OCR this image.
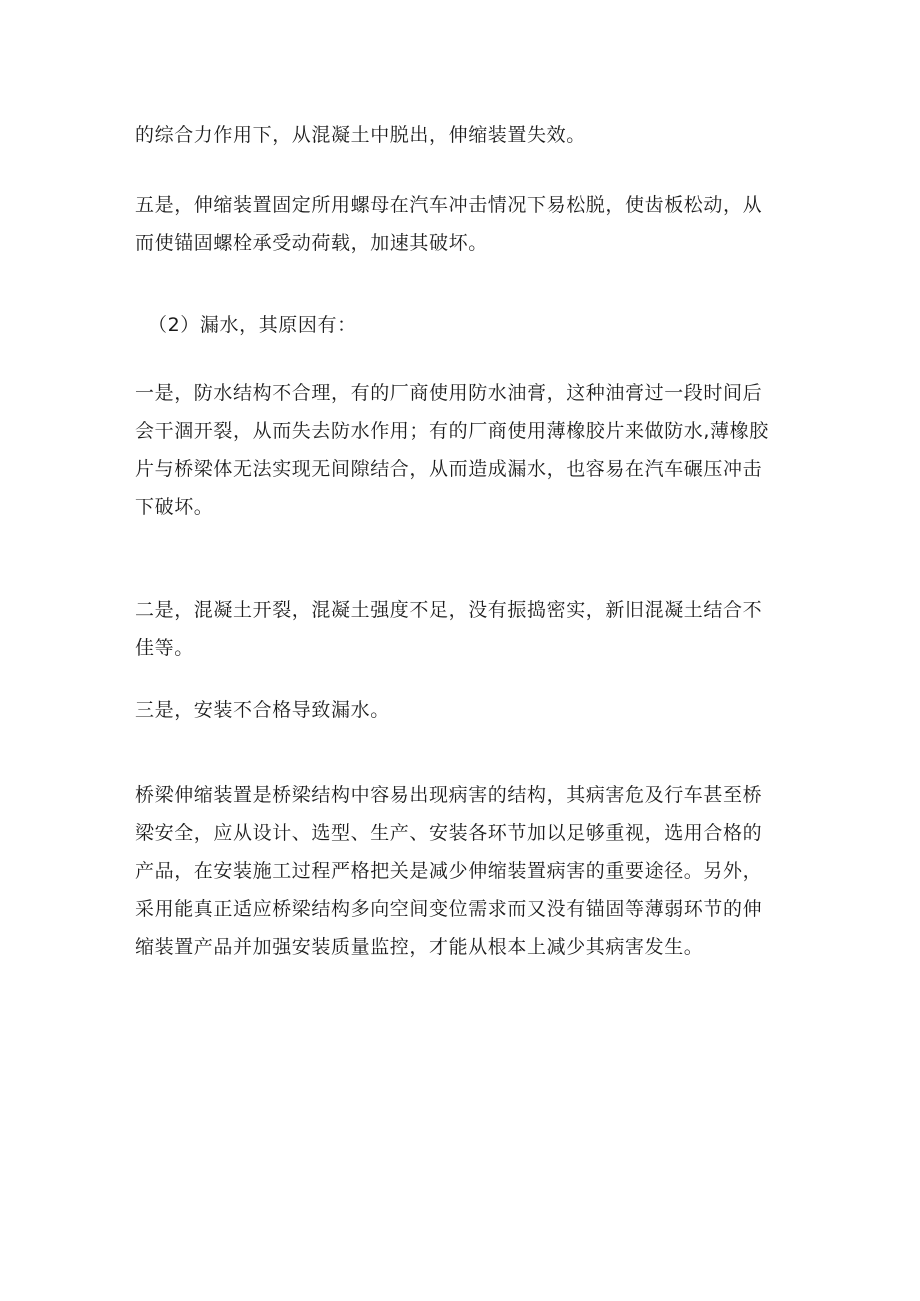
的综合力作用下，从混凝土中脱出，伸缩装置失效。

五是，伸缩装置固定所用螺母在汽车冲击情况下易松脱，使齿板松动，从
而使锚固螺栓承受动荷载，加速其破坏。

（2）漏水，其原因有：

一是，防水结构不合理，有的厂商使用防水油膏，这种油膏过一段时间后
会干涸开裂，从而失去防水作用；有的厂商使用薄橡胶片来做防水,薄橡胶
片与桥梁体无法实现无间隙结合，从而造成漏水，也容易在汽车碾压冲击
下破坏。

二是，混凝土开裂，混凝土强度不足，没有振捣密实，新旧混凝土结合不
佳等。

三是，安装不合格导致漏水。

桥梁伸缩装置是桥梁结构中容易出现病害的结构，其病害危及行车甚至桥
梁安全，应从设计、选型、生产、安装各环节加以足够重视，选用合格的
产品，在安装施工过程严格把关是减少伸缩装置病害的重要途径。另外，
采用能真正适应桥梁结构多向空间变位需求而又没有锚固等薄弱环节的伸
缩装置产品并加强安装质量监控，才能从根本上减少其病害发生。
